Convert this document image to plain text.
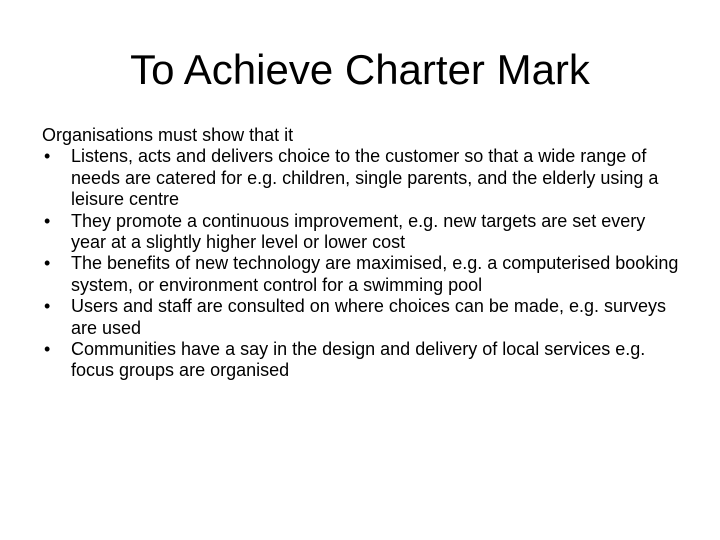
To Achieve Charter Mark

Organisations must show that it

•	Listens, acts and delivers choice to the customer so that a wide range of needs are catered for e.g. children, single parents, and the elderly using a leisure centre
•	They promote a continuous improvement, e.g. new targets are set every year at a slightly higher level or lower cost
•	The benefits of new technology are maximised, e.g. a computerised booking system, or environment control for a swimming pool
•	Users and staff are consulted on where choices can be made, e.g. surveys are used
•	Communities have a say in the design and delivery of local services e.g. focus groups are organised
